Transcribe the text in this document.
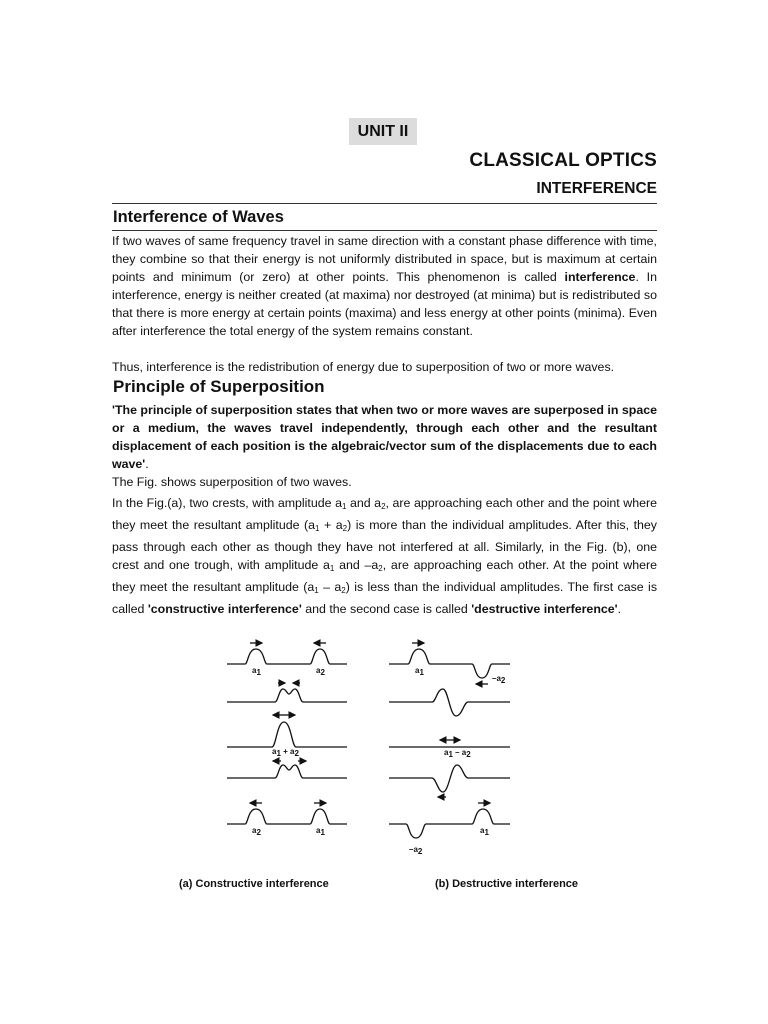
UNIT II
CLASSICAL OPTICS
INTERFERENCE
Interference of Waves

If two waves of same frequency travel in same direction with a constant phase difference with time, they combine so that their energy is not uniformly distributed in space, but is maximum at certain points and minimum (or zero) at other points. This phenomenon is called interference. In interference, energy is neither created (at maxima) nor destroyed (at minima) but is redistributed so that there is more energy at certain points (maxima) and less energy at other points (minima). Even after interference the total energy of the system remains constant.

Thus, interference is the redistribution of energy due to superposition of two or more waves.

Principle of Superposition

'The principle of superposition states that when two or more waves are superposed in space or a medium, the waves travel independently, through each other and the resultant displacement of each position is the algebraic/vector sum of the displacements due to each wave'.

The Fig. shows superposition of two waves.

In the Fig.(a), two crests, with amplitude $a_1$ and $a_2$, are approaching each other and the point where they meet the resultant amplitude $(a_1 + a_2)$ is more than the individual amplitudes. After this, they pass through each other as though they have not interfered at all. Similarly, in the Fig. (b), one crest and one trough, with amplitude $a_1$ and $-a_2$, are approaching each other. At the point where they meet the resultant amplitude $(a_1 - a_2)$ is less than the individual amplitudes. The first case is called 'constructive interference' and the second case is called 'destructive interference'.

$a_1$	$a_2$
$a_1 + a_2$
$a_2$	$a_1$
$a_1$
$-a_2$
$a_1 - a_2$
$-a_2$
$a_1$
(a) Constructive interference	(b) Destructive interference
